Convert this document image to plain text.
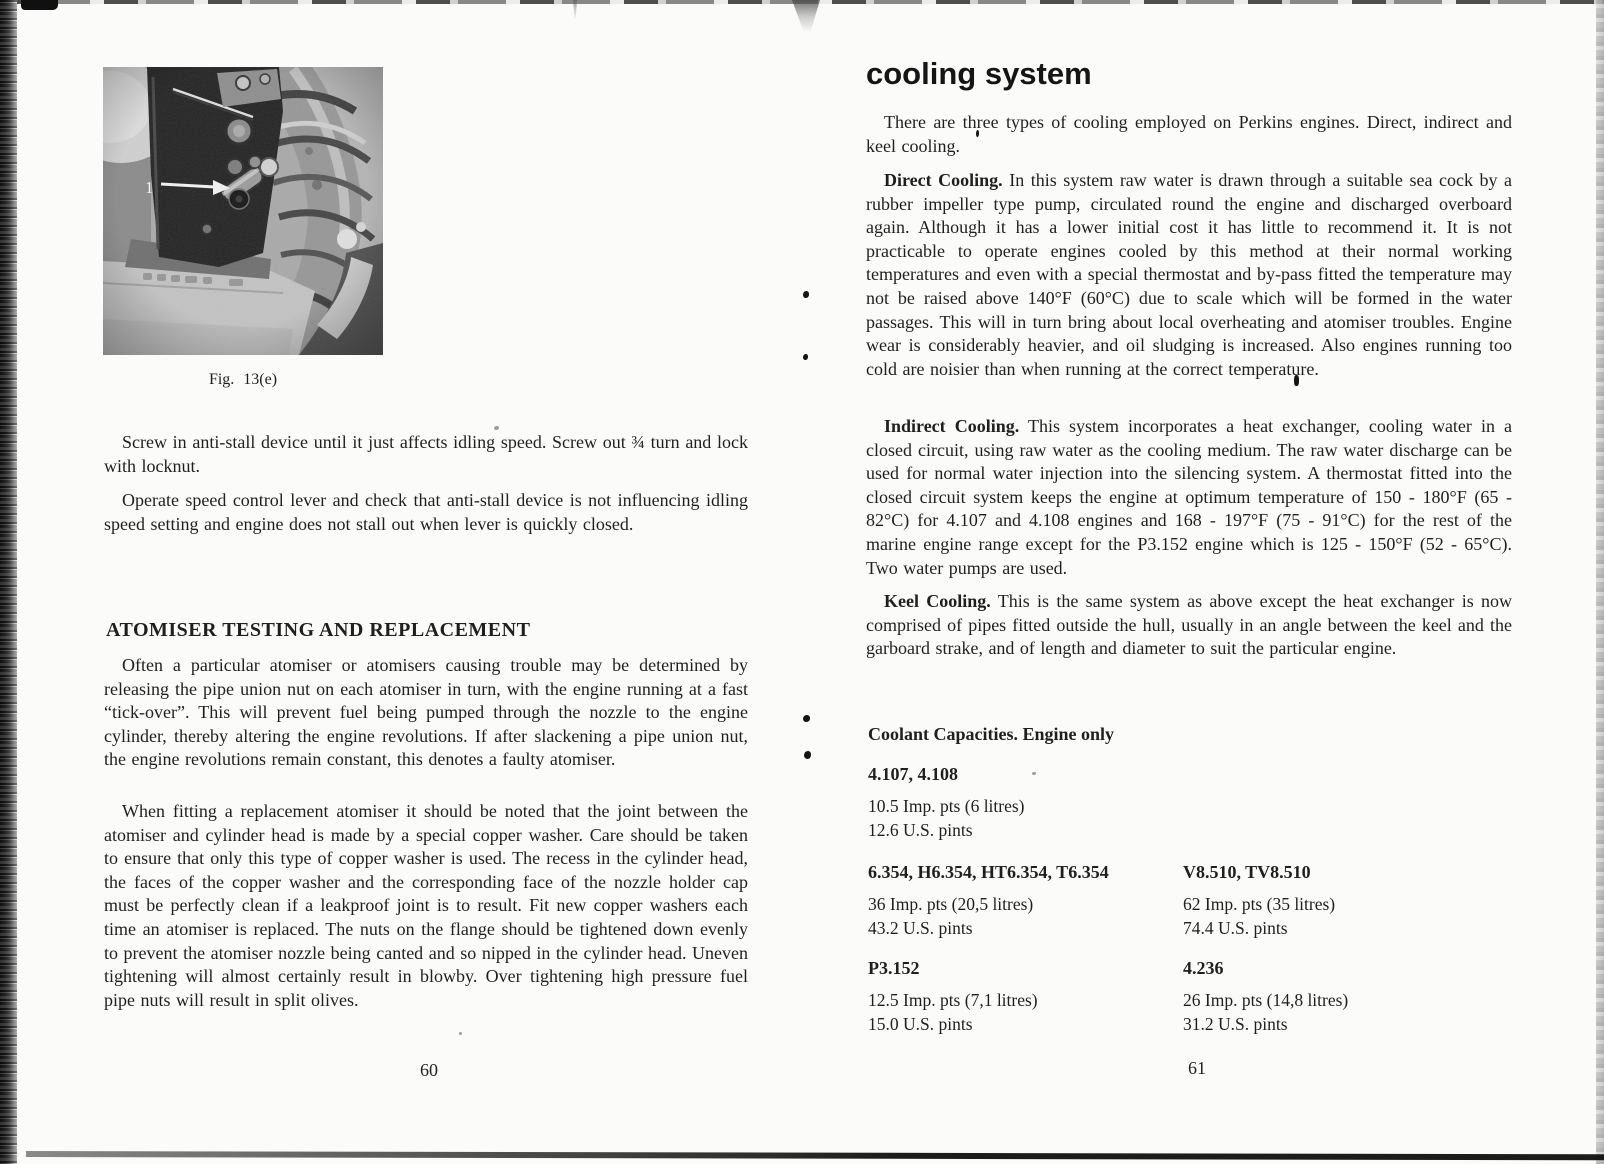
Fig. 13(e)

Screw in anti-stall device until it just affects idling speed. Screw out ¾ turn and lock with locknut.

Operate speed control lever and check that anti-stall device is not influencing idling speed setting and engine does not stall out when lever is quickly closed.

ATOMISER TESTING AND REPLACEMENT

Often a particular atomiser or atomisers causing trouble may be determined by releasing the pipe union nut on each atomiser in turn, with the engine running at a fast “tick-over”. This will prevent fuel being pumped through the nozzle to the engine cylinder, thereby altering the engine revolutions. If after slackening a pipe union nut, the engine revolutions remain constant, this denotes a faulty atomiser.

When fitting a replacement atomiser it should be noted that the joint between the atomiser and cylinder head is made by a special copper washer. Care should be taken to ensure that only this type of copper washer is used. The recess in the cylinder head, the faces of the copper washer and the corresponding face of the nozzle holder cap must be perfectly clean if a leakproof joint is to result. Fit new copper washers each time an atomiser is replaced. The nuts on the flange should be tightened down evenly to prevent the atomiser nozzle being canted and so nipped in the cylinder head. Uneven tightening will almost certainly result in blowby. Over tightening high pressure fuel pipe nuts will result in split olives.

60
cooling system

There are three types of cooling employed on Perkins engines. Direct, indirect and keel cooling.

Direct Cooling. In this system raw water is drawn through a suitable sea cock by a rubber impeller type pump, circulated round the engine and discharged overboard again. Although it has a lower initial cost it has little to recommend it. It is not practicable to operate engines cooled by this method at their normal working temperatures and even with a special thermostat and by-pass fitted the temperature may not be raised above 140°F (60°C) due to scale which will be formed in the water passages. This will in turn bring about local overheating and atomiser troubles. Engine wear is considerably heavier, and oil sludging is increased. Also engines running too cold are noisier than when running at the correct temperature.

Indirect Cooling. This system incorporates a heat exchanger, cooling water in a closed circuit, using raw water as the cooling medium. The raw water discharge can be used for normal water injection into the silencing system. A thermostat fitted into the closed circuit system keeps the engine at optimum temperature of 150 - 180°F (65 - 82°C) for 4.107 and 4.108 engines and 168 - 197°F (75 - 91°C) for the rest of the marine engine range except for the P3.152 engine which is 125 - 150°F (52 - 65°C). Two water pumps are used.

Keel Cooling. This is the same system as above except the heat exchanger is now comprised of pipes fitted outside the hull, usually in an angle between the keel and the garboard strake, and of length and diameter to suit the particular engine.

Coolant Capacities. Engine only
4.107, 4.108
10.5 Imp. pts (6 litres)
12.6 U.S. pints
6.354, H6.354, HT6.354, T6.354
36 Imp. pts (20,5 litres)
43.2 U.S. pints
V8.510, TV8.510
62 Imp. pts (35 litres)
74.4 U.S. pints
P3.152
12.5 Imp. pts (7,1 litres)
15.0 U.S. pints
4.236
26 Imp. pts (14,8 litres)
31.2 U.S. pints
61
